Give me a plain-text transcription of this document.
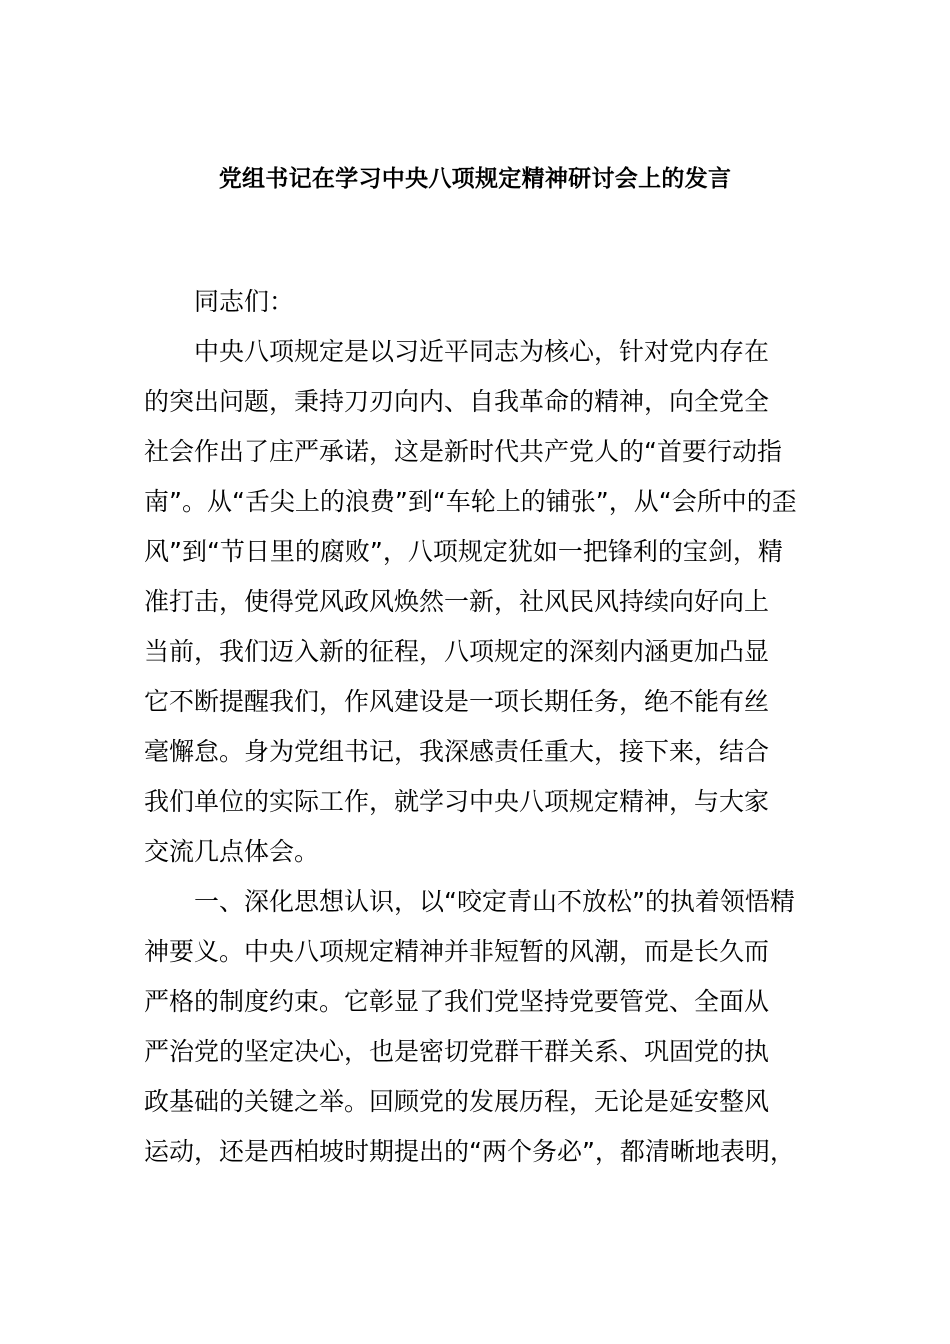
党组书记在学习中央八项规定精神研讨会上的发言
同志们：
中央八项规定是以习近平同志为核心，针对党内存在
的突出问题，秉持刀刃向内、自我革命的精神，向全党全
社会作出了庄严承诺，这是新时代共产党人的“首要行动指
南”。从“舌尖上的浪费”到“车轮上的铺张”，从“会所中的歪
风”到“节日里的腐败”，八项规定犹如一把锋利的宝剑，精
准打击，使得党风政风焕然一新，社风民风持续向好向上
当前，我们迈入新的征程，八项规定的深刻内涵更加凸显
它不断提醒我们，作风建设是一项长期任务，绝不能有丝
毫懈怠。身为党组书记，我深感责任重大，接下来，结合
我们单位的实际工作，就学习中央八项规定精神，与大家
交流几点体会。
一、深化思想认识，以“咬定青山不放松”的执着领悟精
神要义。中央八项规定精神并非短暂的风潮，而是长久而
严格的制度约束。它彰显了我们党坚持党要管党、全面从
严治党的坚定决心，也是密切党群干群关系、巩固党的执
政基础的关键之举。回顾党的发展历程，无论是延安整风
运动，还是西柏坡时期提出的“两个务必”，都清晰地表明，
